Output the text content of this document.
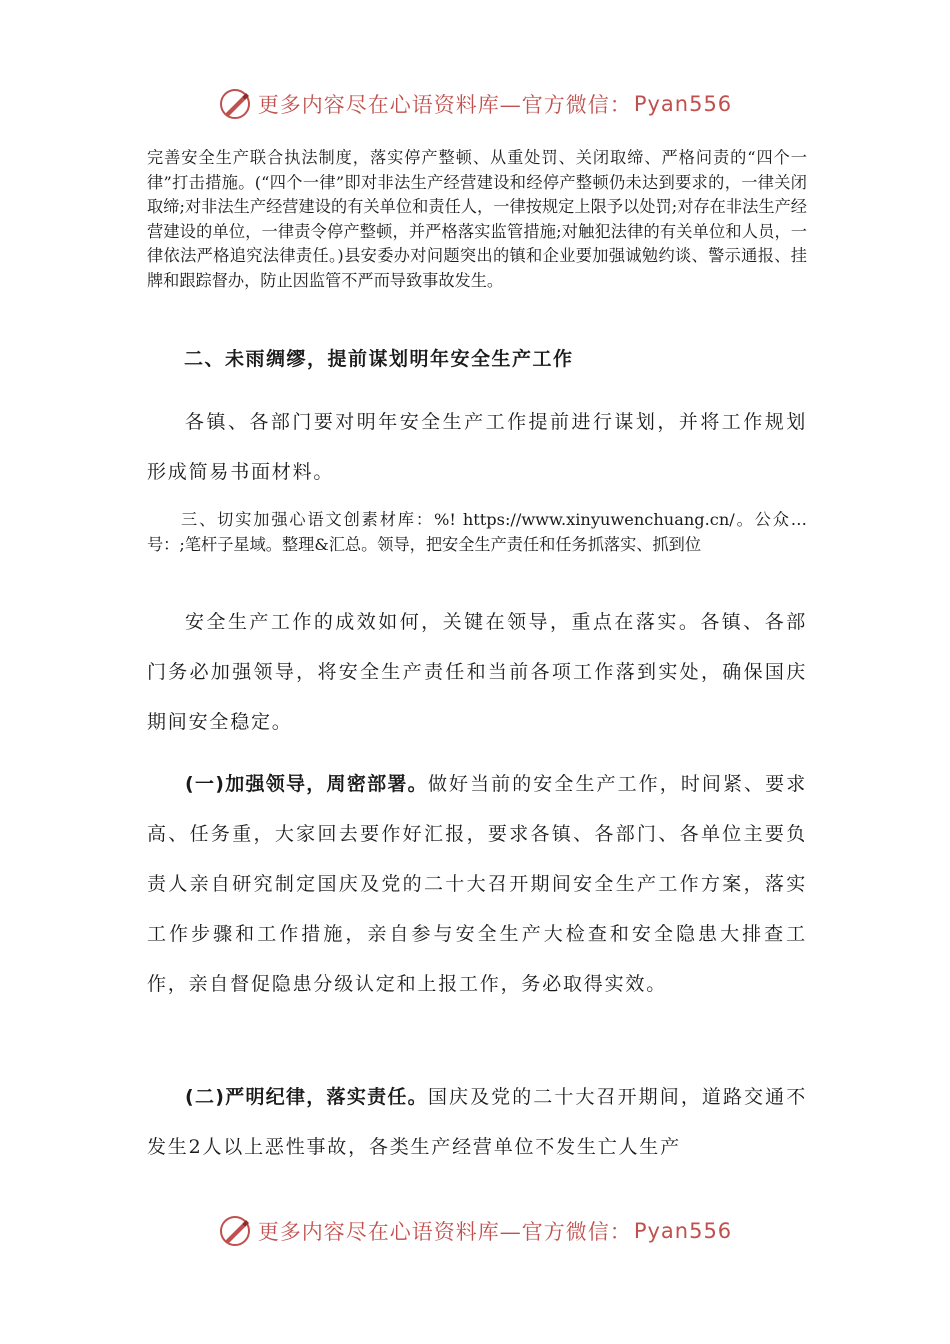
更多内容尽在心语资料库—官方微信： Pyan556

完善安全生产联合执法制度，落实停产整顿、从重处罚、关闭取缔、严格问责的“四个一律”打击措施。(“四个一律”即对非法生产经营建设和经停产整顿仍未达到要求的，一律关闭取缔;对非法生产经营建设的有关单位和责任人，一律按规定上限予以处罚;对存在非法生产经营建设的单位，一律责令停产整顿，并严格落实监管措施;对触犯法律的有关单位和人员，一律依法严格追究法律责任。)县安委办对问题突出的镇和企业要加强诚勉约谈、警示通报、挂牌和跟踪督办，防止因监管不严而导致事故发生。

二、未雨绸缪，提前谋划明年安全生产工作

各镇、各部门要对明年安全生产工作提前进行谋划，并将工作规划形成简易书面材料。

三、切实加强心语文创素材库：%! https://www.xinyuwenchuang.cn/。公众…号：;笔杆子星域。整理&汇总。领导，把安全生产责任和任务抓落实、抓到位

安全生产工作的成效如何，关键在领导，重点在落实。各镇、各部门务必加强领导，将安全生产责任和当前各项工作落到实处，确保国庆期间安全稳定。

(一)加强领导，周密部署。做好当前的安全生产工作，时间紧、要求高、任务重，大家回去要作好汇报，要求各镇、各部门、各单位主要负责人亲自研究制定国庆及党的二十大召开期间安全生产工作方案，落实工作步骤和工作措施，亲自参与安全生产大检查和安全隐患大排查工作，亲自督促隐患分级认定和上报工作，务必取得实效。

(二)严明纪律，落实责任。国庆及党的二十大召开期间，道路交通不发生2人以上恶性事故，各类生产经营单位不发生亡人生产

更多内容尽在心语资料库—官方微信： Pyan556
